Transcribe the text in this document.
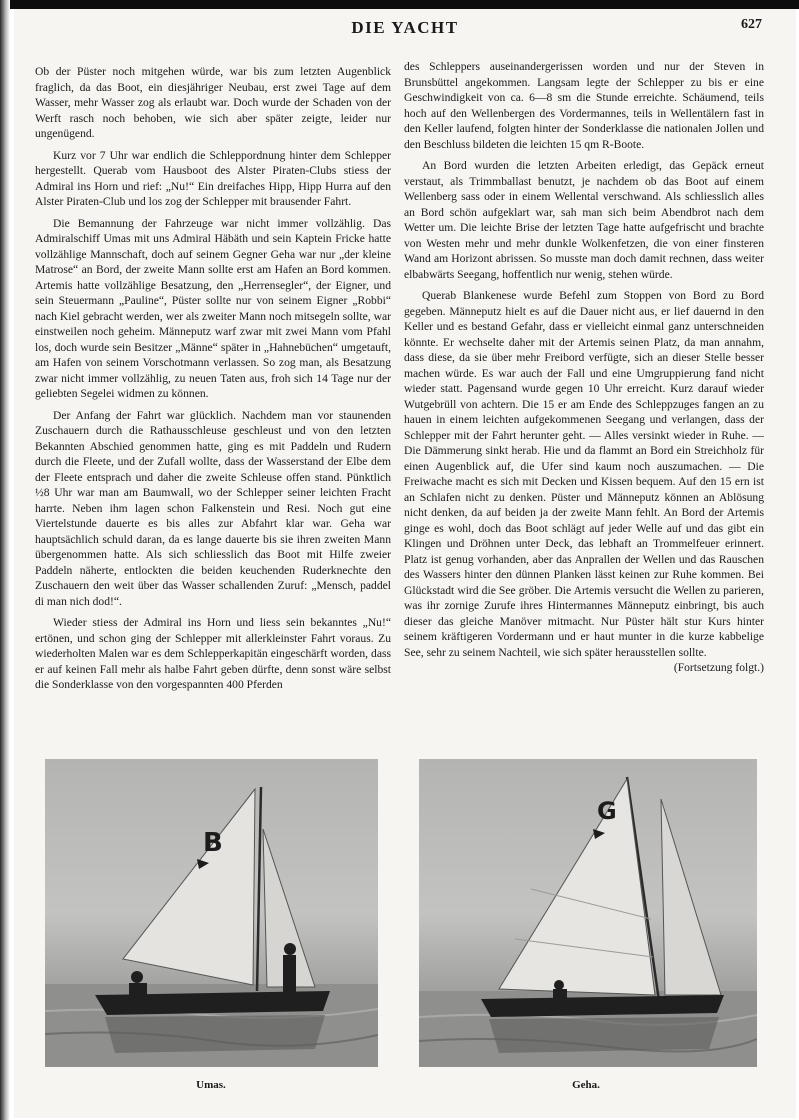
DIE YACHT	627

Ob der Püster noch mitgehen würde, war bis zum letzten Augenblick fraglich, da das Boot, ein diesjähriger Neubau, erst zwei Tage auf dem Wasser, mehr Wasser zog als erlaubt war. Doch wurde der Schaden von der Werft rasch noch behoben, wie sich aber später zeigte, leider nur ungenügend.

Kurz vor 7 Uhr war endlich die Schleppordnung hinter dem Schlepper hergestellt. Querab vom Hausboot des Alster Piraten-Clubs stiess der Admiral ins Horn und rief: „Nu!“ Ein dreifaches Hipp, Hipp Hurra auf den Alster Piraten-Club und los zog der Schlepper mit brausender Fahrt.

Die Bemannung der Fahrzeuge war nicht immer vollzählig. Das Admiralschiff Umas mit uns Admiral Häbäth und sein Kaptein Fricke hatte vollzählige Mannschaft, doch auf seinem Gegner Geha war nur „der kleine Matrose“ an Bord, der zweite Mann sollte erst am Hafen an Bord kommen. Artemis hatte vollzählige Besatzung, den „Herrensegler“, der Eigner, und sein Steuermann „Pauline“, Püster sollte nur von seinem Eigner „Robbi“ nach Kiel gebracht werden, wer als zweiter Mann noch mitsegeln sollte, war einstweilen noch geheim. Männeputz warf zwar mit zwei Mann vom Pfahl los, doch wurde sein Besitzer „Männe“ später in „Hahnebüchen“ umgetauft, am Hafen von seinem Vorschotmann verlassen. So zog man, als Besatzung zwar nicht immer vollzählig, zu neuen Taten aus, froh sich 14 Tage nur der geliebten Segelei widmen zu können.

Der Anfang der Fahrt war glücklich. Nachdem man vor staunenden Zuschauern durch die Rathausschleuse geschleust und von den letzten Bekannten Abschied genommen hatte, ging es mit Paddeln und Rudern durch die Fleete, und der Zufall wollte, dass der Wasserstand der Elbe dem der Fleete entsprach und daher die zweite Schleuse offen stand. Pünktlich ½8 Uhr war man am Baumwall, wo der Schlepper seiner leichten Fracht harrte. Neben ihm lagen schon Falkenstein und Resi. Noch gut eine Viertelstunde dauerte es bis alles zur Abfahrt klar war. Geha war hauptsächlich schuld daran, da es lange dauerte bis sie ihren zweiten Mann übergenommen hatte. Als sich schliesslich das Boot mit Hilfe zweier Paddeln näherte, entlockten die beiden keuchenden Ruderknechte den Zuschauern den weit über das Wasser schallenden Zuruf: „Mensch, paddel di man nich dod!“.

Wieder stiess der Admiral ins Horn und liess sein bekanntes „Nu!“ ertönen, und schon ging der Schlepper mit allerkleinster Fahrt voraus. Zu wiederholten Malen war es dem Schlepperkapitän eingeschärft worden, dass er auf keinen Fall mehr als halbe Fahrt geben dürfte, denn sonst wäre selbst die Sonderklasse von den vorgespannten 400 Pferden

des Schleppers auseinandergerissen worden und nur der Steven in Brunsbüttel angekommen. Langsam legte der Schlepper zu bis er eine Geschwindigkeit von ca. 6—8 sm die Stunde erreichte. Schäumend, teils hoch auf den Wellenbergen des Vordermannes, teils in Wellentälern fast in den Keller laufend, folgten hinter der Sonderklasse die nationalen Jollen und den Beschluss bildeten die leichten 15 qm R-Boote.

An Bord wurden die letzten Arbeiten erledigt, das Gepäck erneut verstaut, als Trimmballast benutzt, je nachdem ob das Boot auf einem Wellenberg sass oder in einem Wellental verschwand. Als schliesslich alles an Bord schön aufgeklart war, sah man sich beim Abendbrot nach dem Wetter um. Die leichte Brise der letzten Tage hatte aufgefrischt und brachte von Westen mehr und mehr dunkle Wolkenfetzen, die von einer finsteren Wand am Horizont abrissen. So musste man doch damit rechnen, dass weiter elbabwärts Seegang, hoffentlich nur wenig, stehen würde.

Querab Blankenese wurde Befehl zum Stoppen von Bord zu Bord gegeben. Männeputz hielt es auf die Dauer nicht aus, er lief dauernd in den Keller und es bestand Gefahr, dass er vielleicht einmal ganz unterschneiden könnte. Er wechselte daher mit der Artemis seinen Platz, da man annahm, dass diese, da sie über mehr Freibord verfügte, sich an dieser Stelle besser machen würde. Es war auch der Fall und eine Umgruppierung fand nicht wieder statt. Pagensand wurde gegen 10 Uhr erreicht. Kurz darauf wieder Wutgebrüll von achtern. Die 15 er am Ende des Schleppzuges fangen an zu hauen in einem leichten aufgekommenen Seegang und verlangen, dass der Schlepper mit der Fahrt herunter geht. — Alles versinkt wieder in Ruhe. — Die Dämmerung sinkt herab. Hie und da flammt an Bord ein Streichholz für einen Augenblick auf, die Ufer sind kaum noch auszumachen. — Die Freiwache macht es sich mit Decken und Kissen bequem. Auf den 15 ern ist an Schlafen nicht zu denken. Püster und Männeputz können an Ablösung nicht denken, da auf beiden ja der zweite Mann fehlt. An Bord der Artemis ginge es wohl, doch das Boot schlägt auf jeder Welle auf und das gibt ein Klingen und Dröhnen unter Deck, das lebhaft an Trommelfeuer erinnert. Platz ist genug vorhanden, aber das Anprallen der Wellen und das Rauschen des Wassers hinter den dünnen Planken lässt keinen zur Ruhe kommen. Bei Glückstadt wird die See gröber. Die Artemis versucht die Wellen zu parieren, was ihr zornige Zurufe ihres Hintermannes Männeputz einbringt, bis auch dieser das gleiche Manöver mitmacht. Nur Püster hält stur Kurs hinter seinem kräftigeren Vordermann und er haut munter in die kurze kabbelige See, sehr zu seinem Nachteil, wie sich später herausstellen sollte.

(Fortsetzung folgt.)

B
G
Umas.	Geha.
